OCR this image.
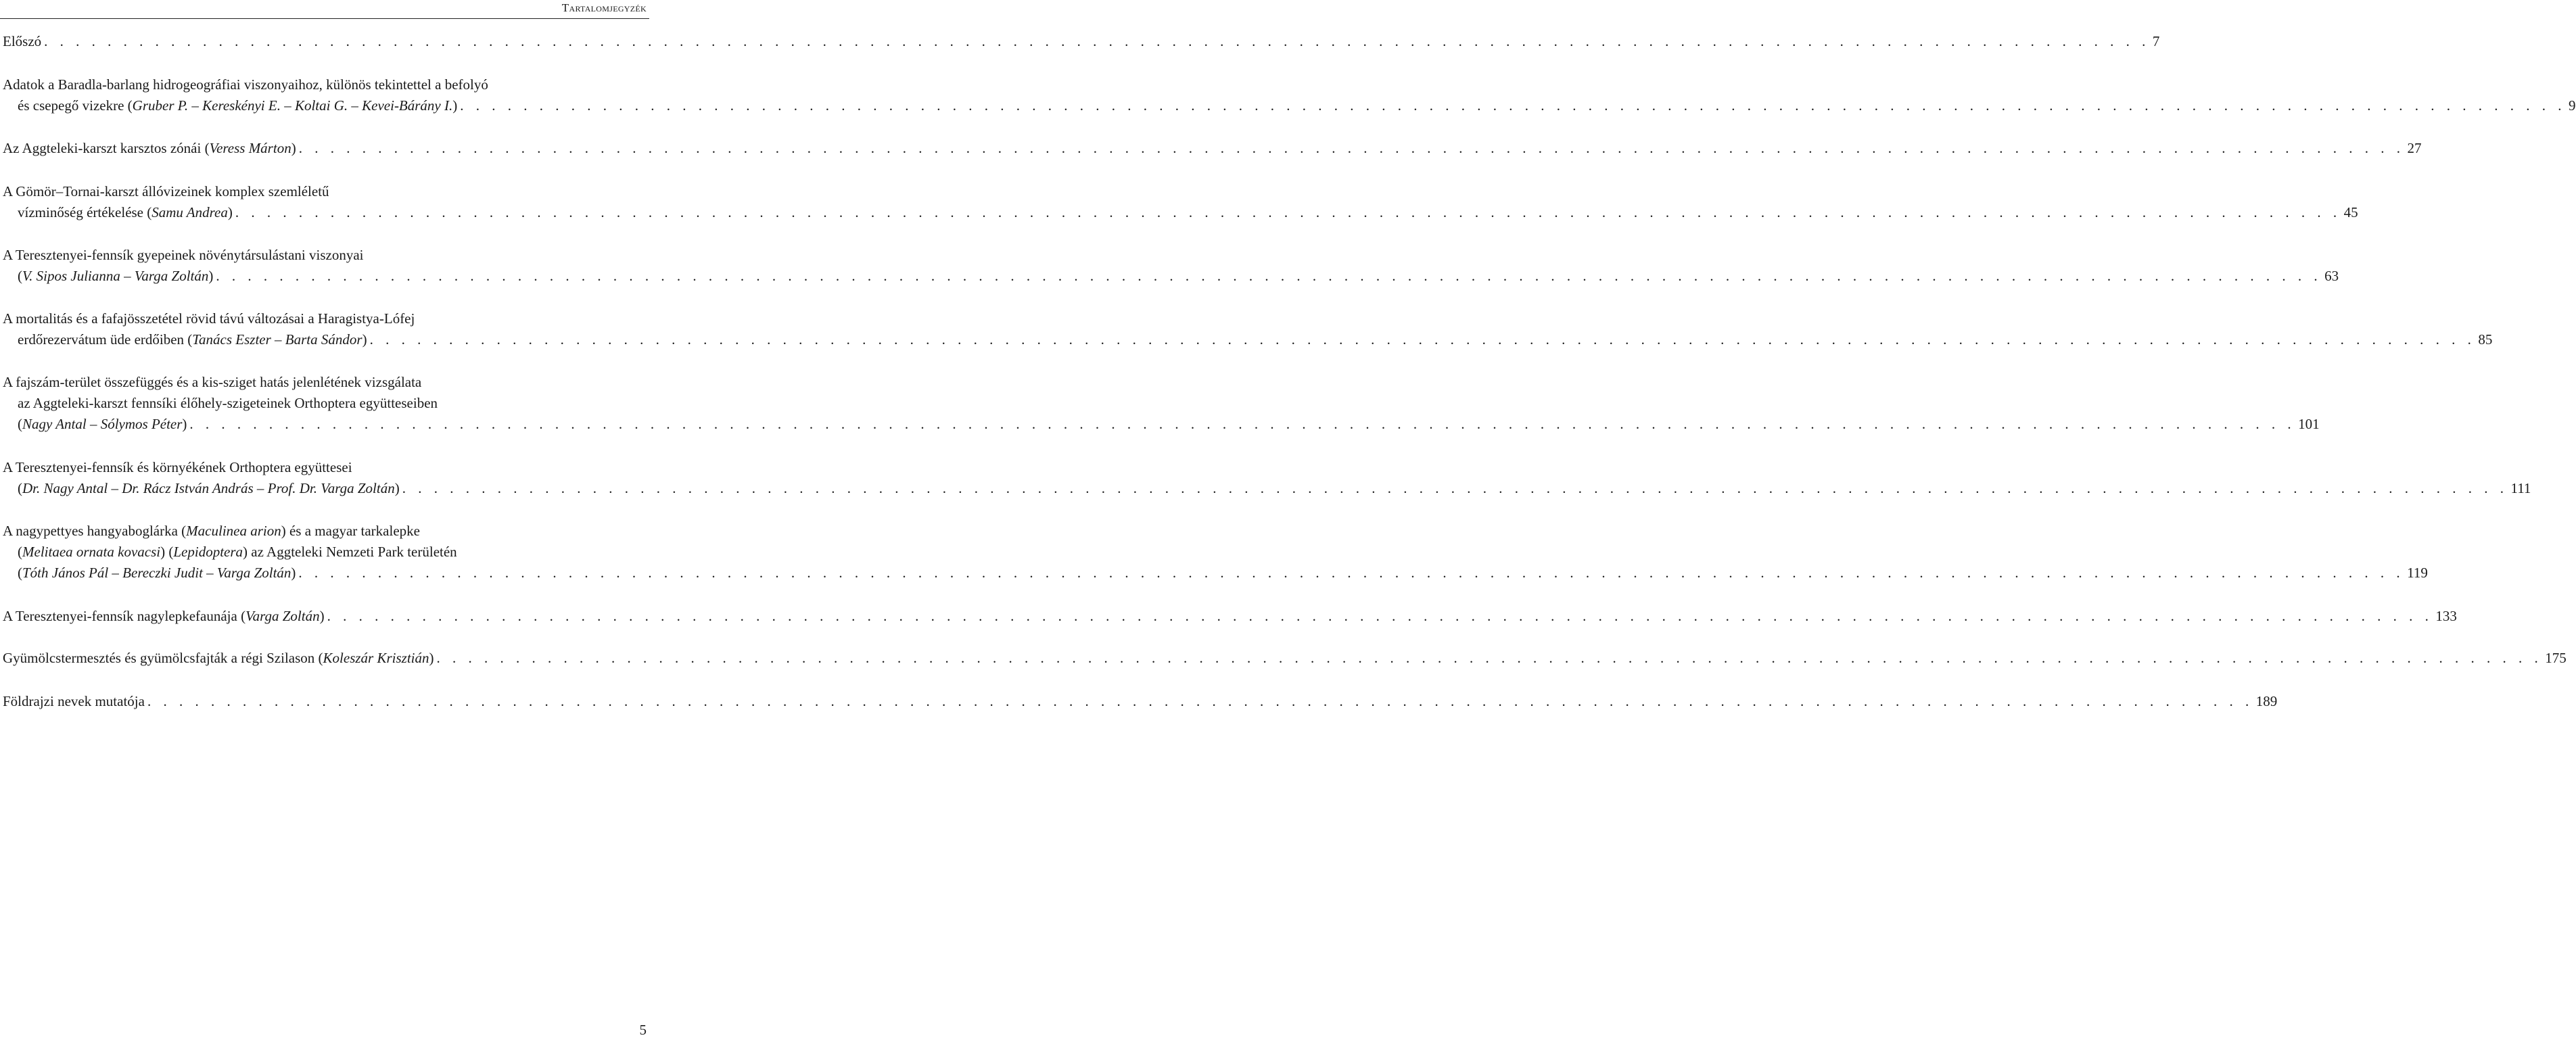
Tartalomjegyzék
Előszó . . . . . . . . . . . . . . . . . . . . . . . . . . . . . . . . . . . . . . . . . . . . . . . . . . . . . . . . . . . . . . . . . . . . . . . . . . . . . . . . . . . . . . . . . . . . . . . . . . . . . . . . . . . . . . . . . . . . . . . . . . . . . . . . . . . . . 7
Adatok a Baradla-barlang hidrogeográfiai viszonyaihoz, különös tekintettel a befolyó
és csepegő vizekre (Gruber P. – Kereskényi E. – Koltai G. – Kevei-Bárány I.) . . . . . . . . . . . . . . . . . . . . . . . . . . . . . . . . . . . . . . . . . . . . . . . . . . . . . . . . . . . . . . . . . . . . . . . . . . . . . . . . . . . . . . . . . . . . . . . . . . . . . . . . . . . . . . . . . . . . . . . . . . . . . . . . . . . . . 9
Az Aggteleki-karszt karsztos zónái (Veress Márton) . . . . . . . . . . . . . . . . . . . . . . . . . . . . . . . . . . . . . . . . . . . . . . . . . . . . . . . . . . . . . . . . . . . . . . . . . . . . . . . . . . . . . . . . . . . . . . . . . . . . . . . . . . . . . . . . . . . . . . . . . . . . . . . . . . . . . 27
A Gömör–Tornai-karszt állóvizeinek komplex szemléletű
vízminőség értékelése (Samu Andrea) . . . . . . . . . . . . . . . . . . . . . . . . . . . . . . . . . . . . . . . . . . . . . . . . . . . . . . . . . . . . . . . . . . . . . . . . . . . . . . . . . . . . . . . . . . . . . . . . . . . . . . . . . . . . . . . . . . . . . . . . . . . . . . . . . . . . . 45
A Teresztenyei-fennsík gyepeinek növénytársulástani viszonyai
(V. Sipos Julianna – Varga Zoltán) . . . . . . . . . . . . . . . . . . . . . . . . . . . . . . . . . . . . . . . . . . . . . . . . . . . . . . . . . . . . . . . . . . . . . . . . . . . . . . . . . . . . . . . . . . . . . . . . . . . . . . . . . . . . . . . . . . . . . . . . . . . . . . . . . . . . . 63
A mortalitás és a fafajösszetétel rövid távú változásai a Haragistya-Lófej
erdőrezervátum üde erdőiben (Tanács Eszter – Barta Sándor) . . . . . . . . . . . . . . . . . . . . . . . . . . . . . . . . . . . . . . . . . . . . . . . . . . . . . . . . . . . . . . . . . . . . . . . . . . . . . . . . . . . . . . . . . . . . . . . . . . . . . . . . . . . . . . . . . . . . . . . . . . . . . . . . . . . . . 85
A fajszám-terület összefüggés és a kis-sziget hatás jelenlétének vizsgálata
az Aggteleki-karszt fennsíki élőhely-szigeteinek Orthoptera együtteseiben
(Nagy Antal – Sólymos Péter) . . . . . . . . . . . . . . . . . . . . . . . . . . . . . . . . . . . . . . . . . . . . . . . . . . . . . . . . . . . . . . . . . . . . . . . . . . . . . . . . . . . . . . . . . . . . . . . . . . . . . . . . . . . . . . . . . . . . . . . . . . . . . . . . . . . . . 101
A Teresztenyei-fennsík és környékének Orthoptera együttesei
(Dr. Nagy Antal – Dr. Rácz István András – Prof. Dr. Varga Zoltán) . . . . . . . . . . . . . . . . . . . . . . . . . . . . . . . . . . . . . . . . . . . . . . . . . . . . . . . . . . . . . . . . . . . . . . . . . . . . . . . . . . . . . . . . . . . . . . . . . . . . . . . . . . . . . . . . . . . . . . . . . . . . . . . . . . . . . 111
A nagypettyes hangyaboglárka (Maculinea arion) és a magyar tarkalepke
(Melitaea ornata kovacsi) (Lepidoptera) az Aggteleki Nemzeti Park területén
(Tóth János Pál – Bereczki Judit – Varga Zoltán) . . . . . . . . . . . . . . . . . . . . . . . . . . . . . . . . . . . . . . . . . . . . . . . . . . . . . . . . . . . . . . . . . . . . . . . . . . . . . . . . . . . . . . . . . . . . . . . . . . . . . . . . . . . . . . . . . . . . . . . . . . . . . . . . . . . . . 119
A Teresztenyei-fennsík nagylepkefaunája (Varga Zoltán) . . . . . . . . . . . . . . . . . . . . . . . . . . . . . . . . . . . . . . . . . . . . . . . . . . . . . . . . . . . . . . . . . . . . . . . . . . . . . . . . . . . . . . . . . . . . . . . . . . . . . . . . . . . . . . . . . . . . . . . . . . . . . . . . . . . . . 133
Gyümölcstermesztés és gyümölcsfajták a régi Szilason (Koleszár Krisztián) . . . . . . . . . . . . . . . . . . . . . . . . . . . . . . . . . . . . . . . . . . . . . . . . . . . . . . . . . . . . . . . . . . . . . . . . . . . . . . . . . . . . . . . . . . . . . . . . . . . . . . . . . . . . . . . . . . . . . . . . . . . . . . . . . . . . . 175
Földrajzi nevek mutatója . . . . . . . . . . . . . . . . . . . . . . . . . . . . . . . . . . . . . . . . . . . . . . . . . . . . . . . . . . . . . . . . . . . . . . . . . . . . . . . . . . . . . . . . . . . . . . . . . . . . . . . . . . . . . . . . . . . . . . . . . . . . . . . . . . . . . 189
5
